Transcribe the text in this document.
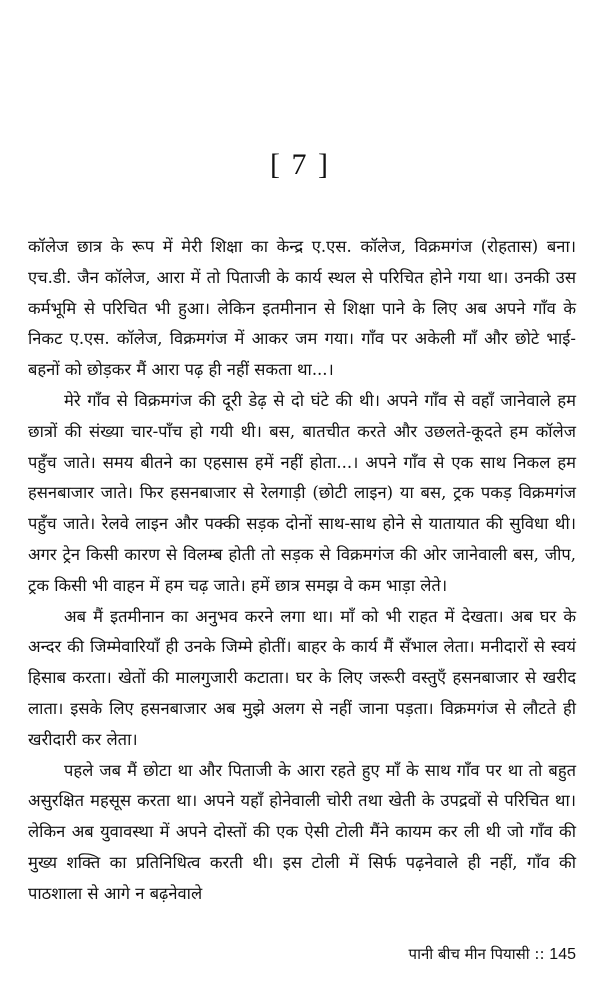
[ 7 ]

कॉलेज छात्र के रूप में मेरी शिक्षा का केन्द्र ए.एस. कॉलेज, विक्रमगंज (रोहतास) बना। एच.डी. जैन कॉलेज, आरा में तो पिताजी के कार्य स्थल से परिचित होने गया था। उनकी उस कर्मभूमि से परिचित भी हुआ। लेकिन इतमीनान से शिक्षा पाने के लिए अब अपने गाँव के निकट ए.एस. कॉलेज, विक्रमगंज में आकर जम गया। गाँव पर अकेली माँ और छोटे भाई-बहनों को छोड़कर मैं आरा पढ़ ही नहीं सकता था...।

मेरे गाँव से विक्रमगंज की दूरी डेढ़ से दो घंटे की थी। अपने गाँव से वहाँ जानेवाले हम छात्रों की संख्या चार-पाँच हो गयी थी। बस, बातचीत करते और उछलते-कूदते हम कॉलेज पहुँच जाते। समय बीतने का एहसास हमें नहीं होता...। अपने गाँव से एक साथ निकल हम हसनबाजार जाते। फिर हसनबाजार से रेलगाड़ी (छोटी लाइन) या बस, ट्रक पकड़ विक्रमगंज पहुँच जाते। रेलवे लाइन और पक्की सड़क दोनों साथ-साथ होने से यातायात की सुविधा थी। अगर ट्रेन किसी कारण से विलम्ब होती तो सड़क से विक्रमगंज की ओर जानेवाली बस, जीप, ट्रक किसी भी वाहन में हम चढ़ जाते। हमें छात्र समझ वे कम भाड़ा लेते।

अब मैं इतमीनान का अनुभव करने लगा था। माँ को भी राहत में देखता। अब घर के अन्दर की जिम्मेवारियाँ ही उनके जिम्मे होतीं। बाहर के कार्य मैं सँभाल लेता। मनीदारों से स्वयं हिसाब करता। खेतों की मालगुजारी कटाता। घर के लिए जरूरी वस्तुएँ हसनबाजार से खरीद लाता। इसके लिए हसनबाजार अब मुझे अलग से नहीं जाना पड़ता। विक्रमगंज से लौटते ही खरीदारी कर लेता।

पहले जब मैं छोटा था और पिताजी के आरा रहते हुए माँ के साथ गाँव पर था तो बहुत असुरक्षित महसूस करता था। अपने यहाँ होनेवाली चोरी तथा खेती के उपद्रवों से परिचित था। लेकिन अब युवावस्था में अपने दोस्तों की एक ऐसी टोली मैंने कायम कर ली थी जो गाँव की मुख्य शक्ति का प्रतिनिधित्व करती थी। इस टोली में सिर्फ पढ़नेवाले ही नहीं, गाँव की पाठशाला से आगे न बढ़नेवाले

पानी बीच मीन पियासी :: 145
